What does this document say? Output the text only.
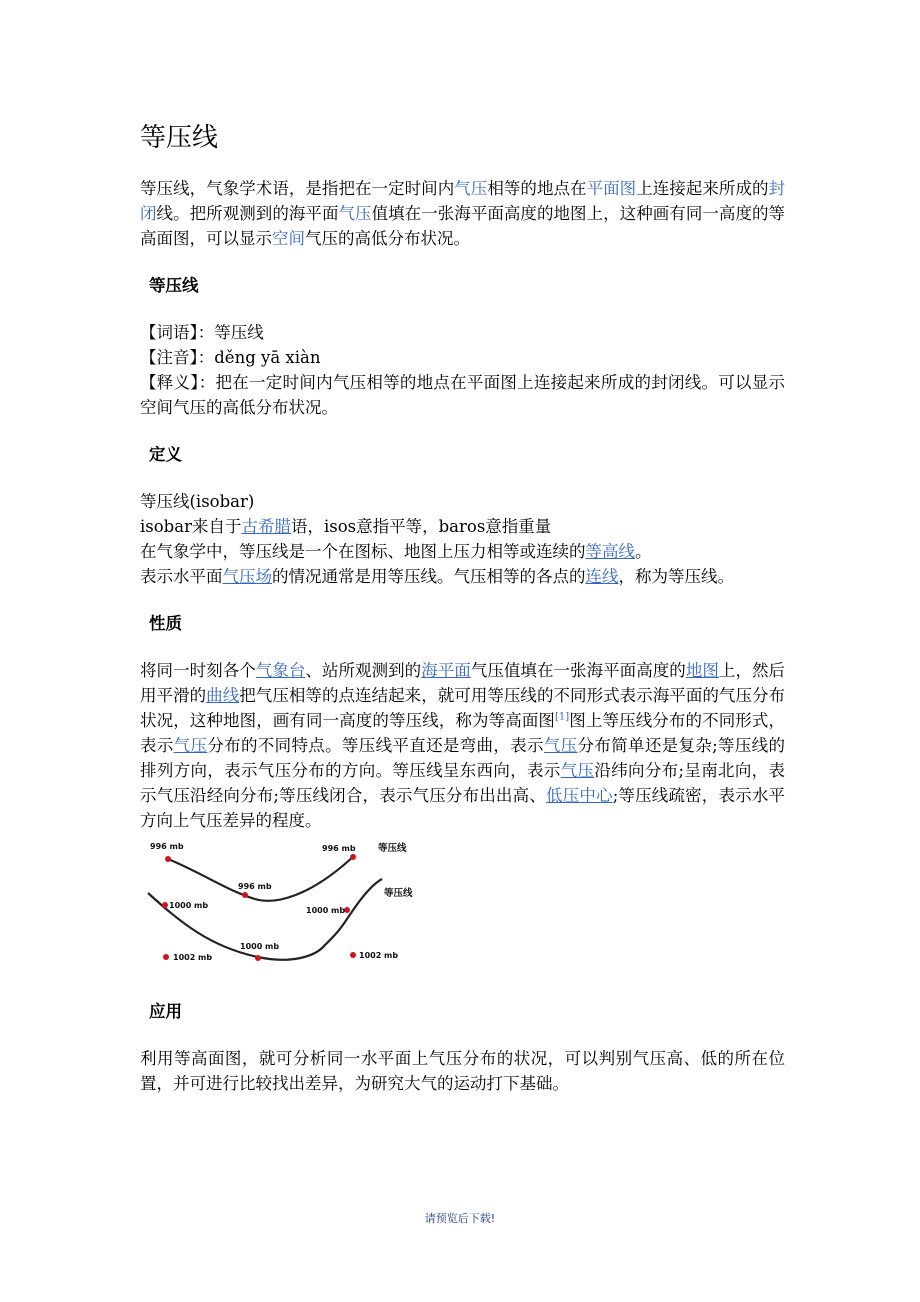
等压线

等压线，气象学术语，是指把在一定时间内气压相等的地点在平面图上连接起来所成的封闭线。把所观测到的海平面气压值填在一张海平面高度的地图上，这种画有同一高度的等高面图，可以显示空间气压的高低分布状况。

等压线
【词语】：等压线
【注音】：děng yā xiàn

【释义】：把在一定时间内气压相等的地点在平面图上连接起来所成的封闭线。可以显示空间气压的高低分布状况。

定义
等压线(isobar)
isobar来自于古希腊语，isos意指平等，baros意指重量
在气象学中，等压线是一个在图标、地图上压力相等或连续的等高线。
表示水平面气压场的情况通常是用等压线。气压相等的各点的连线，称为等压线。
性质

将同一时刻各个气象台、站所观测到的海平面气压值填在一张海平面高度的地图上，然后用平滑的曲线把气压相等的点连结起来，就可用等压线的不同形式表示海平面的气压分布状况，这种地图，画有同一高度的等压线，称为等高面图[1]图上等压线分布的不同形式，表示气压分布的不同特点。等压线平直还是弯曲，表示气压分布简单还是复杂;等压线的排列方向，表示气压分布的方向。等压线呈东西向，表示气压沿纬向分布;呈南北向，表示气压沿经向分布;等压线闭合，表示气压分布出出高、低压中心;等压线疏密，表示水平方向上气压差异的程度。

996 mb
996 mb
996 mb
1000 mb
1000 mb
1000 mb
1002 mb	1002 mb
等压线
等压线
应用

利用等高面图，就可分析同一水平面上气压分布的状况，可以判别气压高、低的所在位置，并可进行比较找出差异，为研究大气的运动打下基础。

请预览后下载!
